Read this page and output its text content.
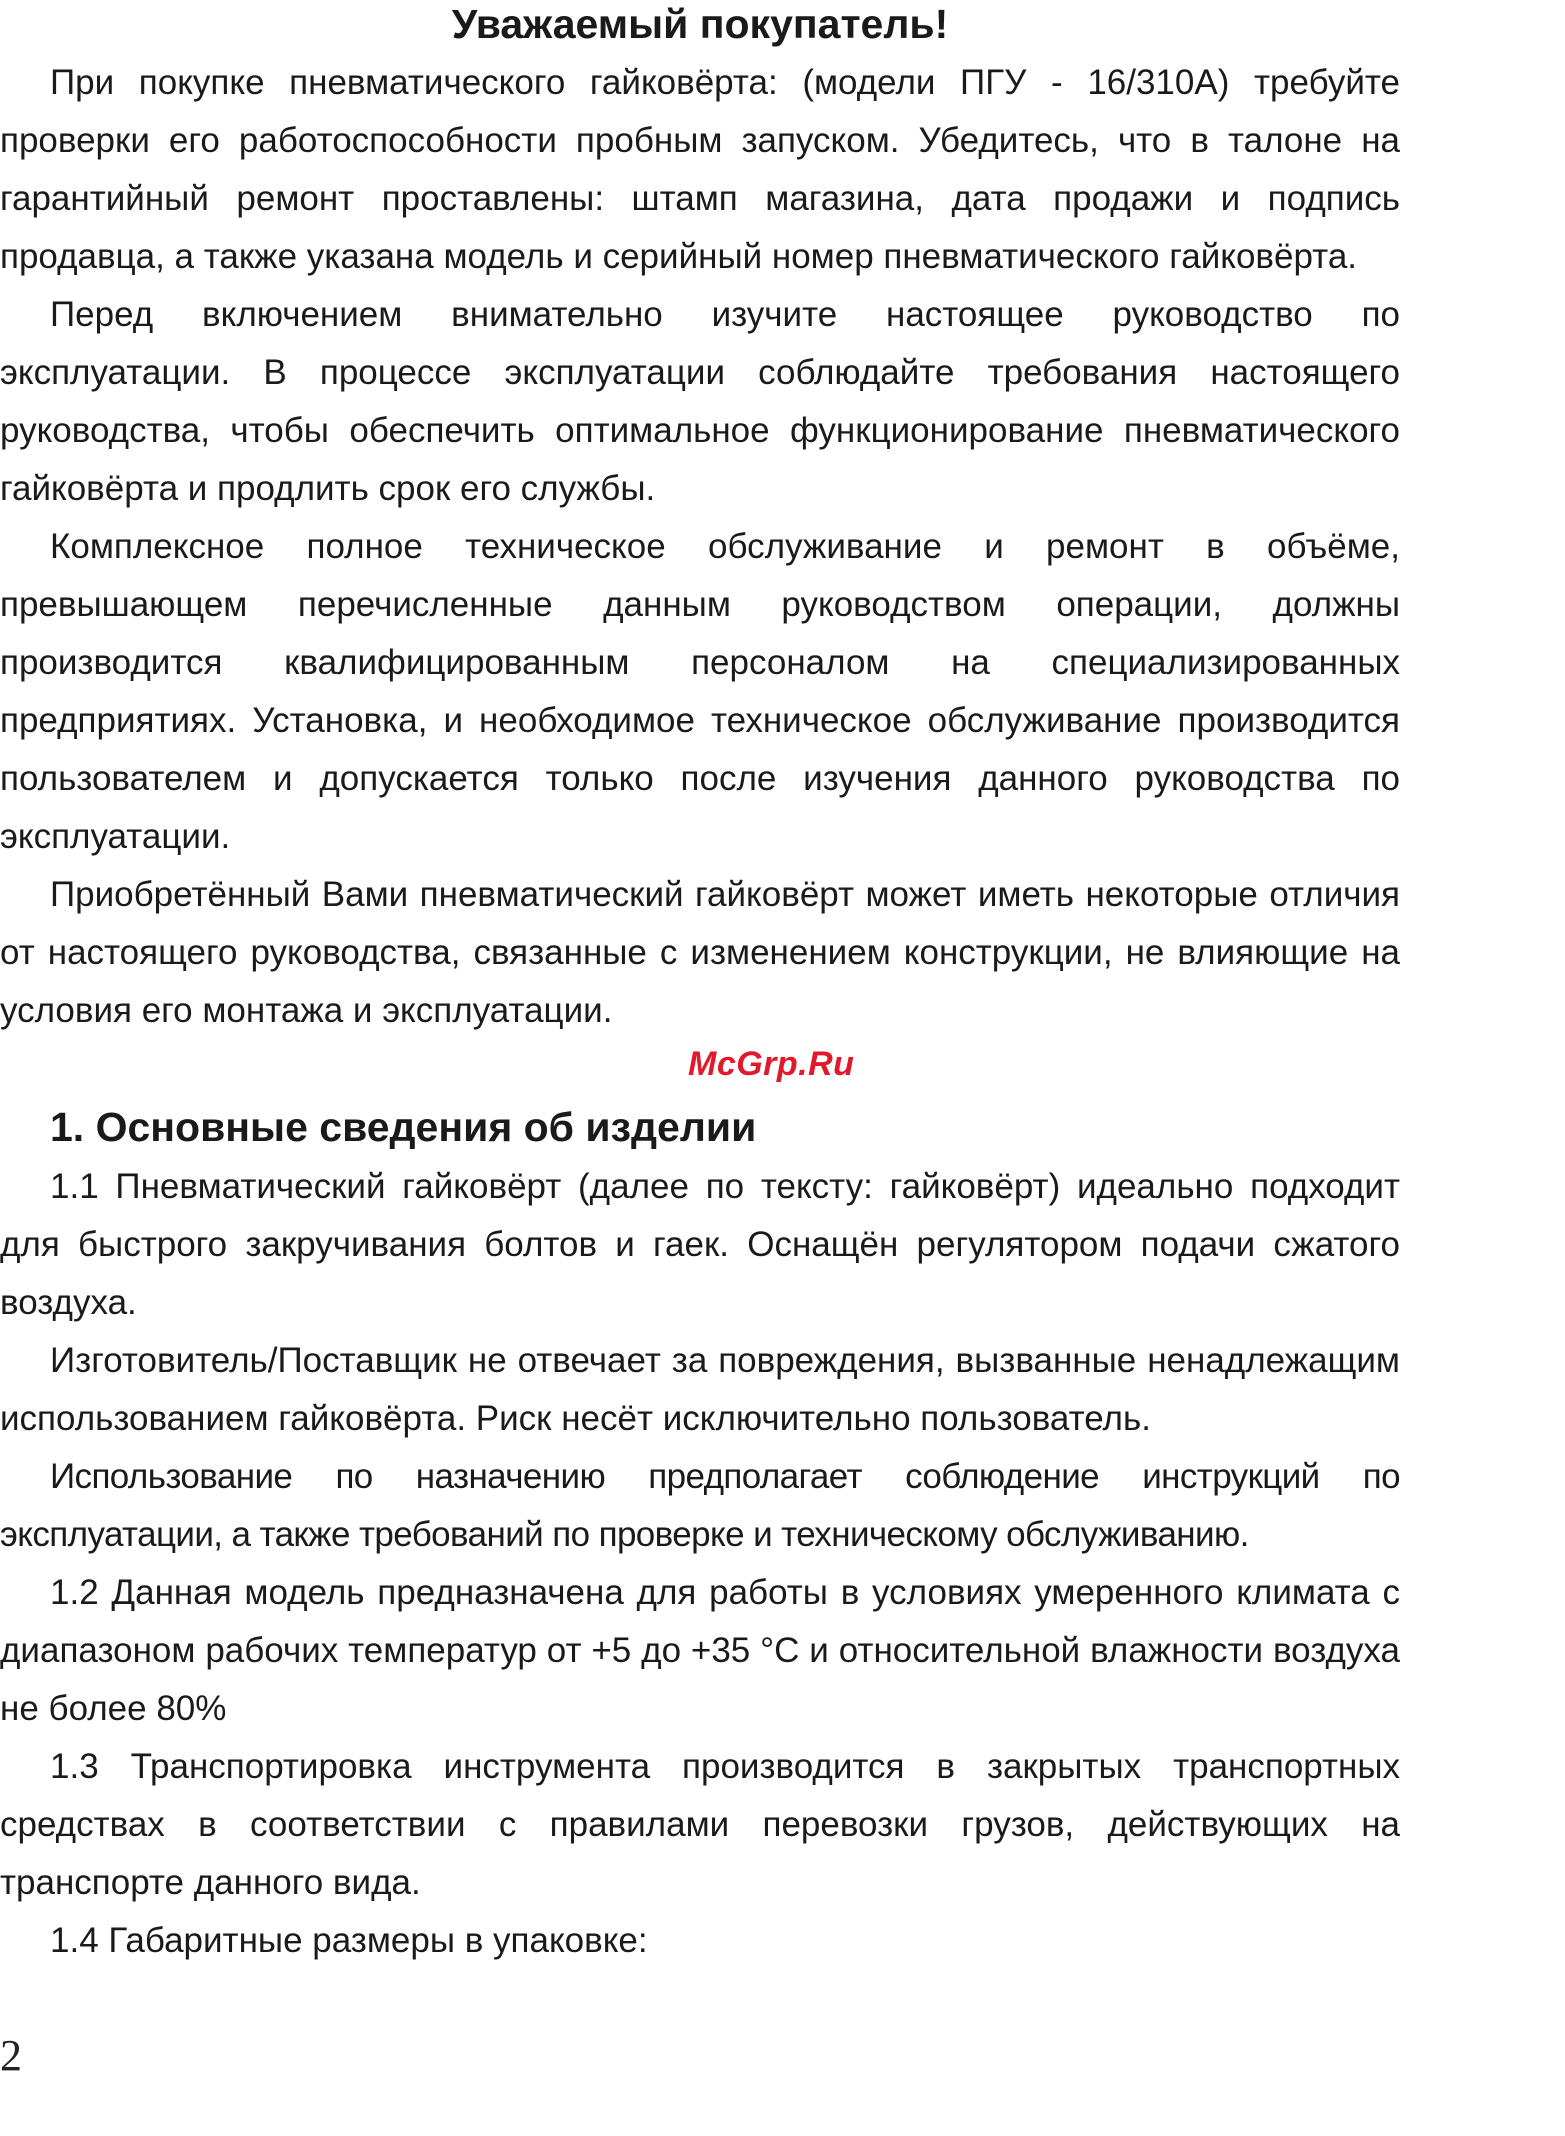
Уважаемый покупатель!

При покупке пневматического гайковёрта: (модели ПГУ - 16/310А) требуйте проверки его работоспособности пробным запуском. Убедитесь, что в талоне на гарантийный ремонт проставлены: штамп магазина, дата продажи и подпись продавца, а также указана модель и серийный номер пневматического гайковёрта.

Перед включением внимательно изучите настоящее руководство по эксплуатации. В процессе эксплуатации соблюдайте требования настоящего руководства, чтобы обеспечить оптимальное функционирование пневматического гайковёрта и продлить срок его службы.

Комплексное полное техническое обслуживание и ремонт в объёме, превышающем перечисленные данным руководством операции, должны производится квалифицированным персоналом на специализированных предприятиях. Установка, и необходимое техническое обслуживание производится пользователем и допускается только после изучения данного руководства по эксплуатации.

Приобретённый Вами пневматический гайковёрт может иметь некоторые отличия от настоящего руководства, связанные с изменением конструкции, не влияющие на условия его монтажа и эксплуатации.

1. Основные сведения об изделии

1.1 Пневматический гайковёрт (далее по тексту: гайковёрт) идеально подходит для быстрого закручивания болтов и гаек. Оснащён регулятором подачи сжатого воздуха.

Изготовитель/Поставщик не отвечает за повреждения, вызванные ненадлежащим использованием гайковёрта. Риск несёт исключительно пользователь.

Использование по назначению предполагает соблюдение инструкций по эксплуатации, а также требований по проверке и техническому обслуживанию.

1.2 Данная модель предназначена для работы в условиях умеренного климата с диапазоном рабочих температур от +5 до +35 °С и относительной влажности воздуха не более 80%

1.3 Транспортировка инструмента производится в закрытых транспортных средствах в соответствии с правилами перевозки грузов, действующих на транспорте данного вида.

1.4 Габаритные размеры в упаковке:

McGrp.Ru
2
